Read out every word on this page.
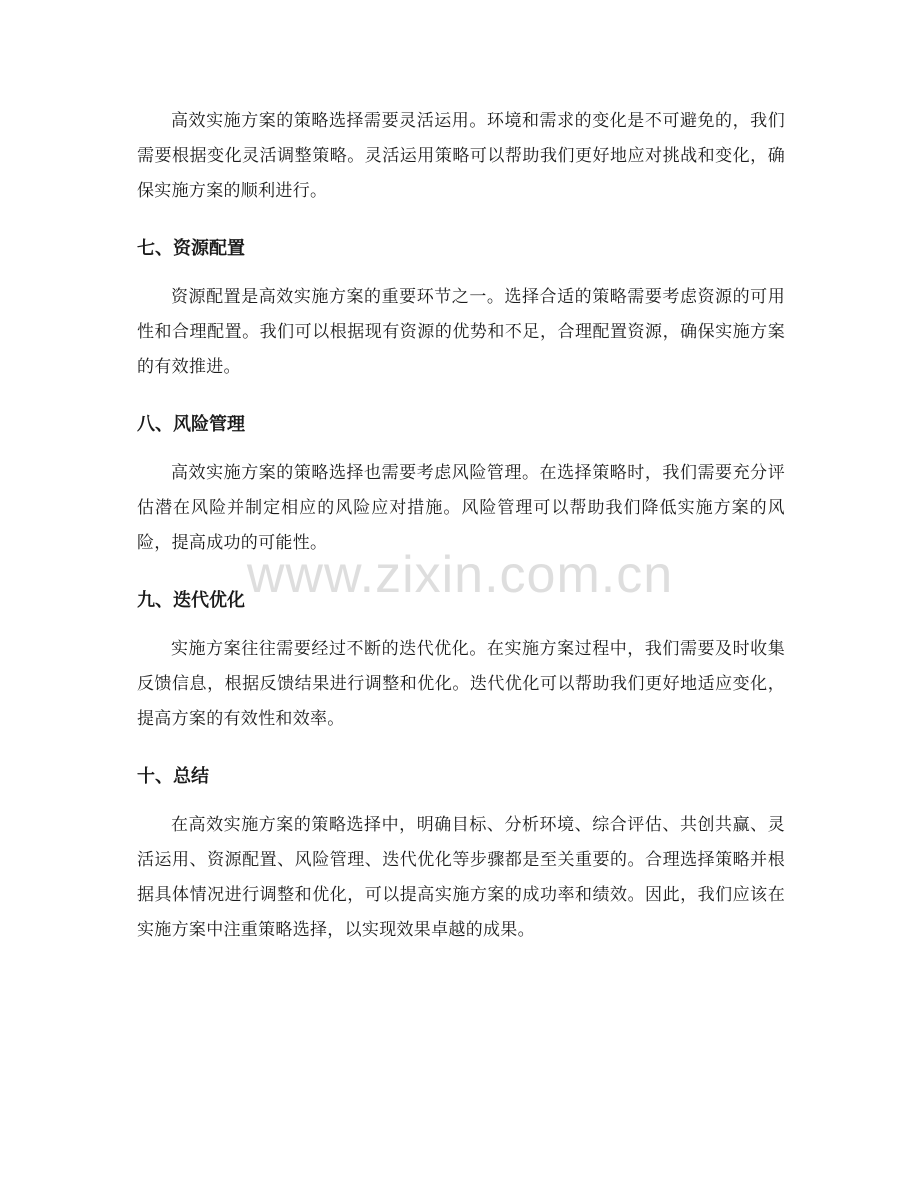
高效实施方案的策略选择需要灵活运用。环境和需求的变化是不可避免的，我们需要根据变化灵活调整策略。灵活运用策略可以帮助我们更好地应对挑战和变化，确保实施方案的顺利进行。

七、资源配置

资源配置是高效实施方案的重要环节之一。选择合适的策略需要考虑资源的可用性和合理配置。我们可以根据现有资源的优势和不足，合理配置资源，确保实施方案的有效推进。

八、风险管理

高效实施方案的策略选择也需要考虑风险管理。在选择策略时，我们需要充分评估潜在风险并制定相应的风险应对措施。风险管理可以帮助我们降低实施方案的风险，提高成功的可能性。

九、迭代优化

实施方案往往需要经过不断的迭代优化。在实施方案过程中，我们需要及时收集反馈信息，根据反馈结果进行调整和优化。迭代优化可以帮助我们更好地适应变化，提高方案的有效性和效率。

十、总结

在高效实施方案的策略选择中，明确目标、分析环境、综合评估、共创共赢、灵活运用、资源配置、风险管理、迭代优化等步骤都是至关重要的。合理选择策略并根据具体情况进行调整和优化，可以提高实施方案的成功率和绩效。因此，我们应该在实施方案中注重策略选择，以实现效果卓越的成果。

www.zixin.com.cn
